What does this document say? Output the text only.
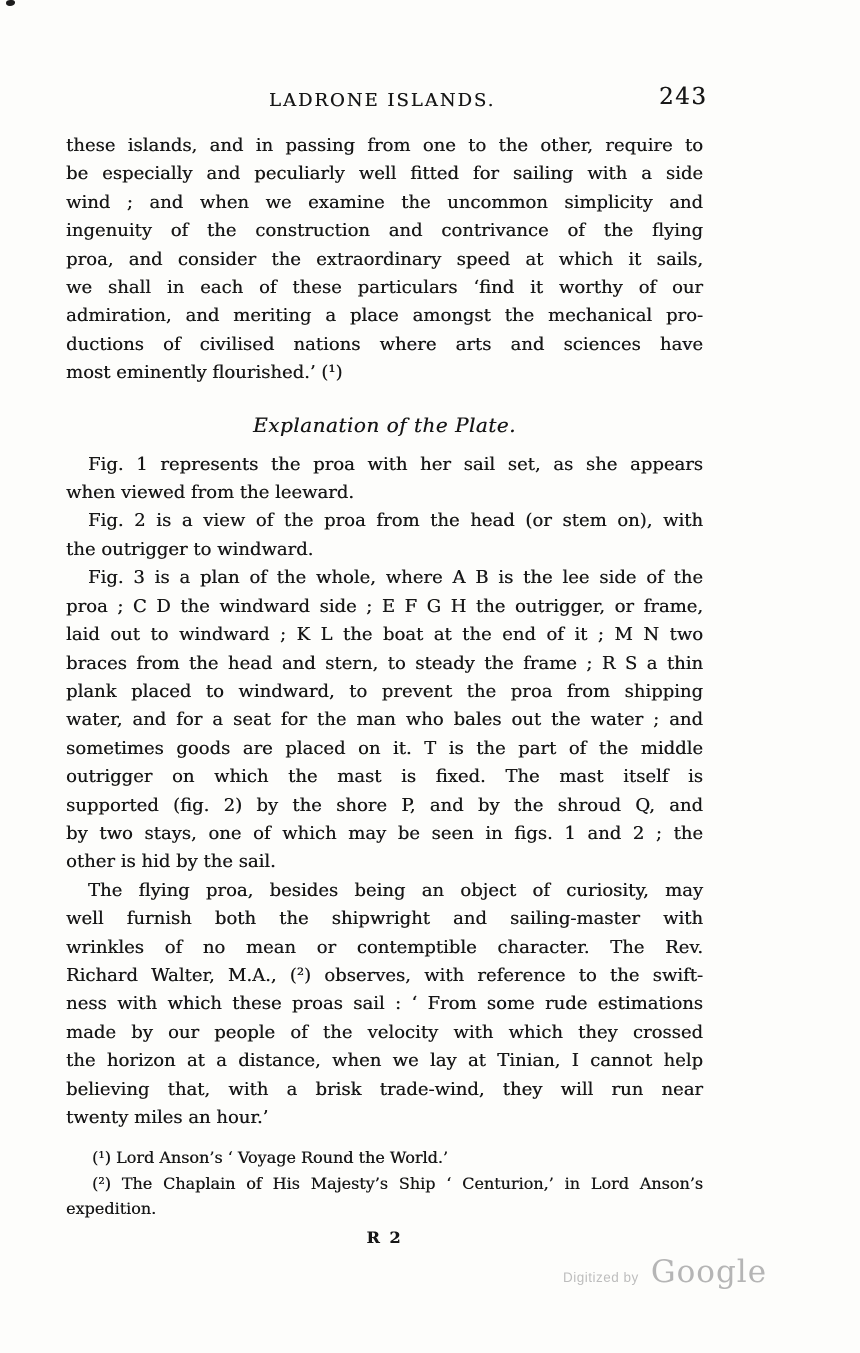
LADRONE ISLANDS.	243
these islands, and in passing from one to the other, require to
be especially and peculiarly well fitted for sailing with a side
wind ; and when we examine the uncommon simplicity and
ingenuity of the construction and contrivance of the flying
proa, and consider the extraordinary speed at which it sails,
we shall in each of these particulars ‘find it worthy of our
admiration, and meriting a place amongst the mechanical pro-
ductions of civilised nations where arts and sciences have
most eminently flourished.’ (¹)
Explanation of the Plate.
Fig. 1 represents the proa with her sail set, as she appears
when viewed from the leeward.
Fig. 2 is a view of the proa from the head (or stem on), with
the outrigger to windward.
Fig. 3 is a plan of the whole, where A B is the lee side of the
proa ; C D the windward side ; E F G H the outrigger, or frame,
laid out to windward ; K L the boat at the end of it ; M N two
braces from the head and stern, to steady the frame ; R S a thin
plank placed to windward, to prevent the proa from shipping
water, and for a seat for the man who bales out the water ; and
sometimes goods are placed on it. T is the part of the middle
outrigger on which the mast is fixed. The mast itself is
supported (fig. 2) by the shore P, and by the shroud Q, and
by two stays, one of which may be seen in figs. 1 and 2 ; the
other is hid by the sail.
The flying proa, besides being an object of curiosity, may
well furnish both the shipwright and sailing-master with
wrinkles of no mean or contemptible character. The Rev.
Richard Walter, M.A., (²) observes, with reference to the swift-
ness with which these proas sail : ‘ From some rude estimations
made by our people of the velocity with which they crossed
the horizon at a distance, when we lay at Tinian, I cannot help
believing that, with a brisk trade-wind, they will run near
twenty miles an hour.’
(¹) Lord Anson’s ‘ Voyage Round the World.’
(²) The Chaplain of His Majesty’s Ship ‘ Centurion,’ in Lord Anson’s
expedition.
R 2
Digitized by Google
